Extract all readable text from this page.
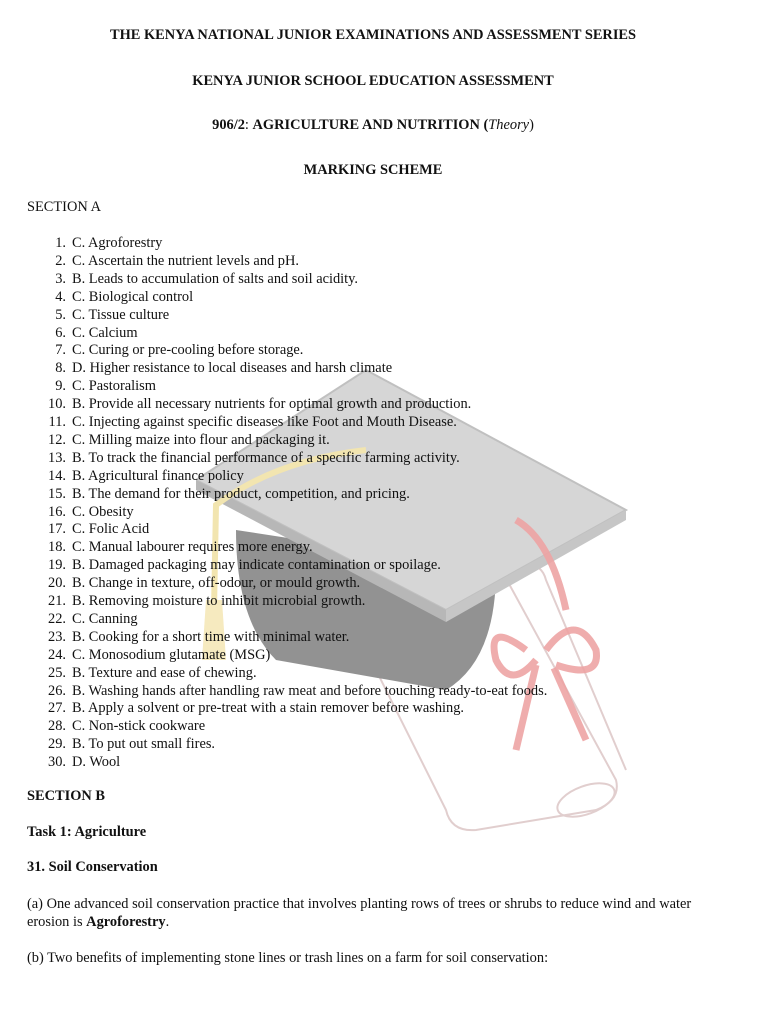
THE KENYA NATIONAL JUNIOR EXAMINATIONS AND ASSESSMENT SERIES
KENYA JUNIOR SCHOOL EDUCATION ASSESSMENT
906/2: AGRICULTURE AND NUTRITION (Theory)
MARKING SCHEME
SECTION A
1. C. Agroforestry
2. C. Ascertain the nutrient levels and pH.
3. B. Leads to accumulation of salts and soil acidity.
4. C. Biological control
5. C. Tissue culture
6. C. Calcium
7. C. Curing or pre-cooling before storage.
8. D. Higher resistance to local diseases and harsh climate
9. C. Pastoralism
10. B. Provide all necessary nutrients for optimal growth and production.
11. C. Injecting against specific diseases like Foot and Mouth Disease.
12. C. Milling maize into flour and packaging it.
13. B. To track the financial performance of a specific farming activity.
14. B. Agricultural finance policy
15. B. The demand for their product, competition, and pricing.
16. C. Obesity
17. C. Folic Acid
18. C. Manual labourer requires more energy.
19. B. Damaged packaging may indicate contamination or spoilage.
20. B. Change in texture, off-odour, or mould growth.
21. B. Removing moisture to inhibit microbial growth.
22. C. Canning
23. B. Cooking for a short time with minimal water.
24. C. Monosodium glutamate (MSG)
25. B. Texture and ease of chewing.
26. B. Washing hands after handling raw meat and before touching ready-to-eat foods.
27. B. Apply a solvent or pre-treat with a stain remover before washing.
28. C. Non-stick cookware
29. B. To put out small fires.
30. D. Wool
SECTION B
Task 1: Agriculture
31. Soil Conservation
(a) One advanced soil conservation practice that involves planting rows of trees or shrubs to reduce wind and water erosion is Agroforestry.
(b) Two benefits of implementing stone lines or trash lines on a farm for soil conservation:
